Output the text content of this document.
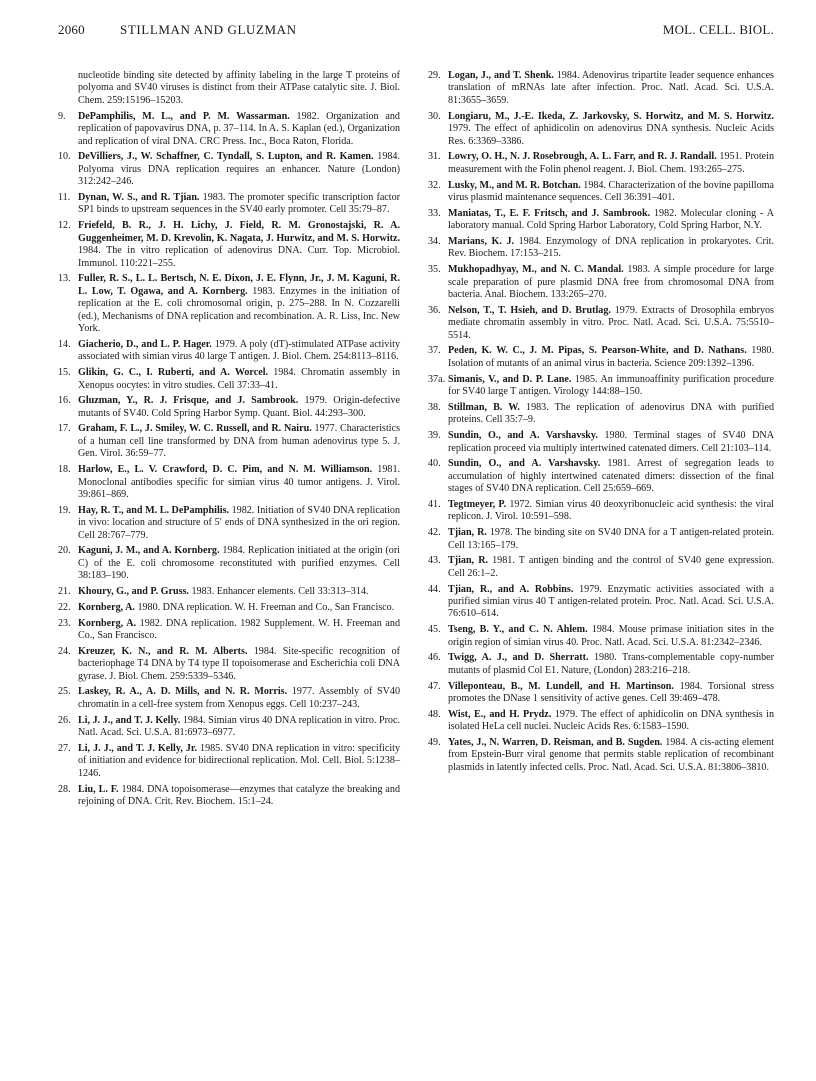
2060	STILLMAN AND GLUZMAN	MOL. CELL. BIOL.

nucleotide binding site detected by affinity labeling in the large T proteins of polyoma and SV40 viruses is distinct from their ATPase catalytic site. J. Biol. Chem. 259:15196–15203.

9. DePamphilis, M. L., and P. M. Wassarman. 1982. Organization and replication of papovavirus DNA, p. 37–114. In A. S. Kaplan (ed.), Organization and replication of viral DNA. CRC Press. Inc., Boca Raton, Florida.

10. DeVilliers, J., W. Schaffner, C. Tyndall, S. Lupton, and R. Kamen. 1984. Polyoma virus DNA replication requires an enhancer. Nature (London) 312:242–246.

11. Dynan, W. S., and R. Tjian. 1983. The promoter specific transcription factor SP1 binds to upstream sequences in the SV40 early promoter. Cell 35:79–87.

12. Friefeld, B. R., J. H. Lichy, J. Field, R. M. Gronostajski, R. A. Guggenheimer, M. D. Krevolin, K. Nagata, J. Hurwitz, and M. S. Horwitz. 1984. The in vitro replication of adenovirus DNA. Curr. Top. Microbiol. Immunol. 110:221–255.

13. Fuller, R. S., L. L. Bertsch, N. E. Dixon, J. E. Flynn, Jr., J. M. Kaguni, R. L. Low, T. Ogawa, and A. Kornberg. 1983. Enzymes in the initiation of replication at the E. coli chromosomal origin, p. 275–288. In N. Cozzarelli (ed.), Mechanisms of DNA replication and recombination. A. R. Liss, Inc. New York.

14. Giacherio, D., and L. P. Hager. 1979. A poly (dT)-stimulated ATPase activity associated with simian virus 40 large T antigen. J. Biol. Chem. 254:8113–8116.

15. Glikin, G. C., I. Ruberti, and A. Worcel. 1984. Chromatin assembly in Xenopus oocytes: in vitro studies. Cell 37:33–41.

16. Gluzman, Y., R. J. Frisque, and J. Sambrook. 1979. Origin-defective mutants of SV40. Cold Spring Harbor Symp. Quant. Biol. 44:293–300.

17. Graham, F. L., J. Smiley, W. C. Russell, and R. Nairu. 1977. Characteristics of a human cell line transformed by DNA from human adenovirus type 5. J. Gen. Virol. 36:59–77.

18. Harlow, E., L. V. Crawford, D. C. Pim, and N. M. Williamson. 1981. Monoclonal antibodies specific for simian virus 40 tumor antigens. J. Virol. 39:861–869.

19. Hay, R. T., and M. L. DePamphilis. 1982. Initiation of SV40 DNA replication in vivo: location and structure of 5′ ends of DNA synthesized in the ori region. Cell 28:767–779.

20. Kaguni, J. M., and A. Kornberg. 1984. Replication initiated at the origin (ori C) of the E. coli chromosome reconstituted with purified enzymes. Cell 38:183–190.

21. Khoury, G., and P. Gruss. 1983. Enhancer elements. Cell 33:313–314.

22. Kornberg, A. 1980. DNA replication. W. H. Freeman and Co., San Francisco.

23. Kornberg, A. 1982. DNA replication. 1982 Supplement. W. H. Freeman and Co., San Francisco.

24. Kreuzer, K. N., and R. M. Alberts. 1984. Site-specific recognition of bacteriophage T4 DNA by T4 type II topoisomerase and Escherichia coli DNA gyrase. J. Biol. Chem. 259:5339–5346.

25. Laskey, R. A., A. D. Mills, and N. R. Morris. 1977. Assembly of SV40 chromatin in a cell-free system from Xenopus eggs. Cell 10:237–243.

26. Li, J. J., and T. J. Kelly. 1984. Simian virus 40 DNA replication in vitro. Proc. Natl. Acad. Sci. U.S.A. 81:6973–6977.

27. Li, J. J., and T. J. Kelly, Jr. 1985. SV40 DNA replication in vitro: specificity of initiation and evidence for bidirectional replication. Mol. Cell. Biol. 5:1238–1246.

28. Liu, L. F. 1984. DNA topoisomerase—enzymes that catalyze the breaking and rejoining of DNA. Crit. Rev. Biochem. 15:1–24.

29. Logan, J., and T. Shenk. 1984. Adenovirus tripartite leader sequence enhances translation of mRNAs late after infection. Proc. Natl. Acad. Sci. U.S.A. 81:3655–3659.

30. Longiaru, M., J.-E. Ikeda, Z. Jarkovsky, S. Horwitz, and M. S. Horwitz. 1979. The effect of aphidicolin on adenovirus DNA synthesis. Nucleic Acids Res. 6:3369–3386.

31. Lowry, O. H., N. J. Rosebrough, A. L. Farr, and R. J. Randall. 1951. Protein measurement with the Folin phenol reagent. J. Biol. Chem. 193:265–275.

32. Lusky, M., and M. R. Botchan. 1984. Characterization of the bovine papilloma virus plasmid maintenance sequences. Cell 36:391–401.

33. Maniatas, T., E. F. Fritsch, and J. Sambrook. 1982. Molecular cloning - A laboratory manual. Cold Spring Harbor Laboratory, Cold Spring Harbor, N.Y.

34. Marians, K. J. 1984. Enzymology of DNA replication in prokaryotes. Crit. Rev. Biochem. 17:153–215.

35. Mukhopadhyay, M., and N. C. Mandal. 1983. A simple procedure for large scale preparation of pure plasmid DNA free from chromosomal DNA from bacteria. Anal. Biochem. 133:265–270.

36. Nelson, T., T. Hsieh, and D. Brutlag. 1979. Extracts of Drosophila embryos mediate chromatin assembly in vitro. Proc. Natl. Acad. Sci. U.S.A. 75:5510–5514.

37. Peden, K. W. C., J. M. Pipas, S. Pearson-White, and D. Nathans. 1980. Isolation of mutants of an animal virus in bacteria. Science 209:1392–1396.

37a. Simanis, V., and D. P. Lane. 1985. An immunoaffinity purification procedure for SV40 large T antigen. Virology 144:88–150.

38. Stillman, B. W. 1983. The replication of adenovirus DNA with purified proteins. Cell 35:7–9.

39. Sundin, O., and A. Varshavsky. 1980. Terminal stages of SV40 DNA replication proceed via multiply intertwined catenated dimers. Cell 21:103–114.

40. Sundin, O., and A. Varshavsky. 1981. Arrest of segregation leads to accumulation of highly intertwined catenated dimers: dissection of the final stages of SV40 DNA replication. Cell 25:659–669.

41. Tegtmeyer, P. 1972. Simian virus 40 deoxyribonucleic acid synthesis: the viral replicon. J. Virol. 10:591–598.

42. Tjian, R. 1978. The binding site on SV40 DNA for a T antigen-related protein. Cell 13:165–179.

43. Tjian, R. 1981. T antigen binding and the control of SV40 gene expression. Cell 26:1–2.

44. Tjian, R., and A. Robbins. 1979. Enzymatic activities associated with a purified simian virus 40 T antigen-related protein. Proc. Natl. Acad. Sci. U.S.A. 76:610–614.

45. Tseng, B. Y., and C. N. Ahlem. 1984. Mouse primase initiation sites in the origin region of simian virus 40. Proc. Natl. Acad. Sci. U.S.A. 81:2342–2346.

46. Twigg, A. J., and D. Sherratt. 1980. Trans-complementable copy-number mutants of plasmid Col E1. Nature, (London) 283:216–218.

47. Villeponteau, B., M. Lundell, and H. Martinson. 1984. Torsional stress promotes the DNase 1 sensitivity of active genes. Cell 39:469–478.

48. Wist, E., and H. Prydz. 1979. The effect of aphidicolin on DNA synthesis in isolated HeLa cell nuclei. Nucleic Acids Res. 6:1583–1590.

49. Yates, J., N. Warren, D. Reisman, and B. Sugden. 1984. A cis-acting element from Epstein-Burr viral genome that permits stable replication of recombinant plasmids in latently infected cells. Proc. Natl. Acad. Sci. U.S.A. 81:3806–3810.
